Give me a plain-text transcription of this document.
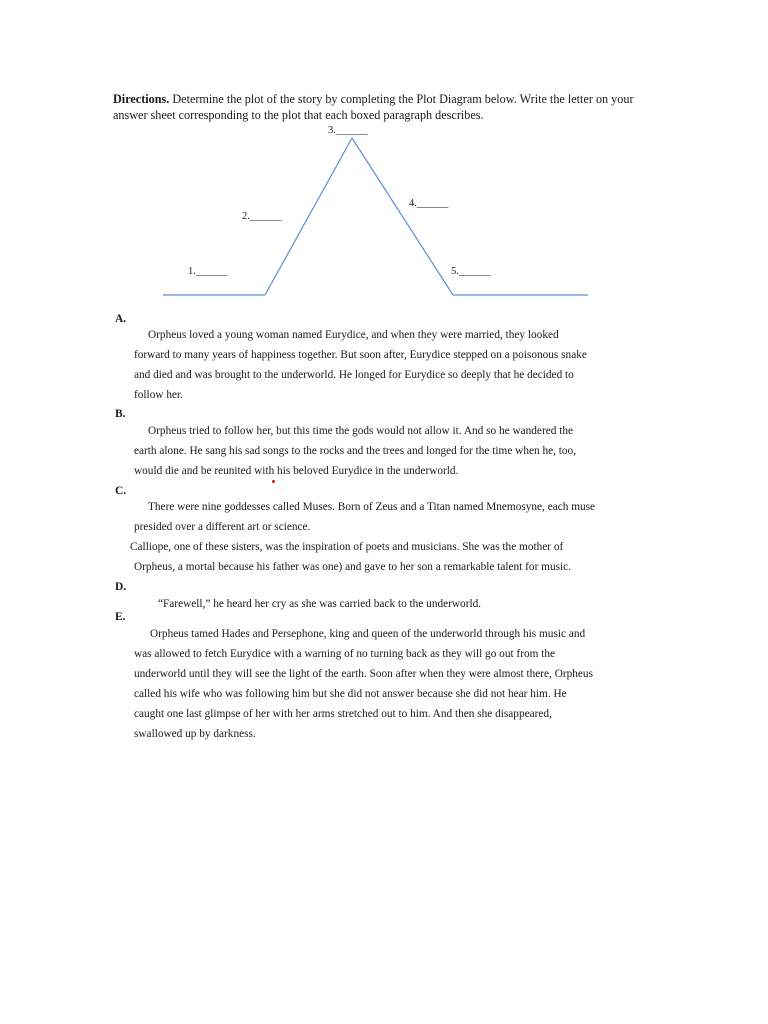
Directions. Determine the plot of the story by completing the Plot Diagram below. Write the letter on your answer sheet corresponding to the plot that each boxed paragraph describes.
1.______
2.______
3.______
4.______
5.______
A.
Orpheus loved a young woman named Eurydice, and when they were married, they looked
forward to many years of happiness together. But soon after, Eurydice stepped on a poisonous snake
and died and was brought to the underworld. He longed for Eurydice so deeply that he decided to
follow her.
B.
Orpheus tried to follow her, but this time the gods would not allow it. And so he wandered the
earth alone. He sang his sad songs to the rocks and the trees and longed for the time when he, too,
would die and be reunited with his beloved Eurydice in the underworld.
C.
There were nine goddesses called Muses. Born of Zeus and a Titan named Mnemosyne, each muse
presided over a different art or science.
Calliope, one of these sisters, was the inspiration of poets and musicians. She was the mother of
Orpheus, a mortal because his father was one) and gave to her son a remarkable talent for music.
D.
“Farewell,” he heard her cry as she was carried back to the underworld.
E.
Orpheus tamed Hades and Persephone, king and queen of the underworld through his music and
was allowed to fetch Eurydice with a warning of no turning back as they will go out from the
underworld until they will see the light of the earth. Soon after when they were almost there, Orpheus
called his wife who was following him but she did not answer because she did not hear him. He
caught one last glimpse of her with her arms stretched out to him. And then she disappeared,
swallowed up by darkness.
